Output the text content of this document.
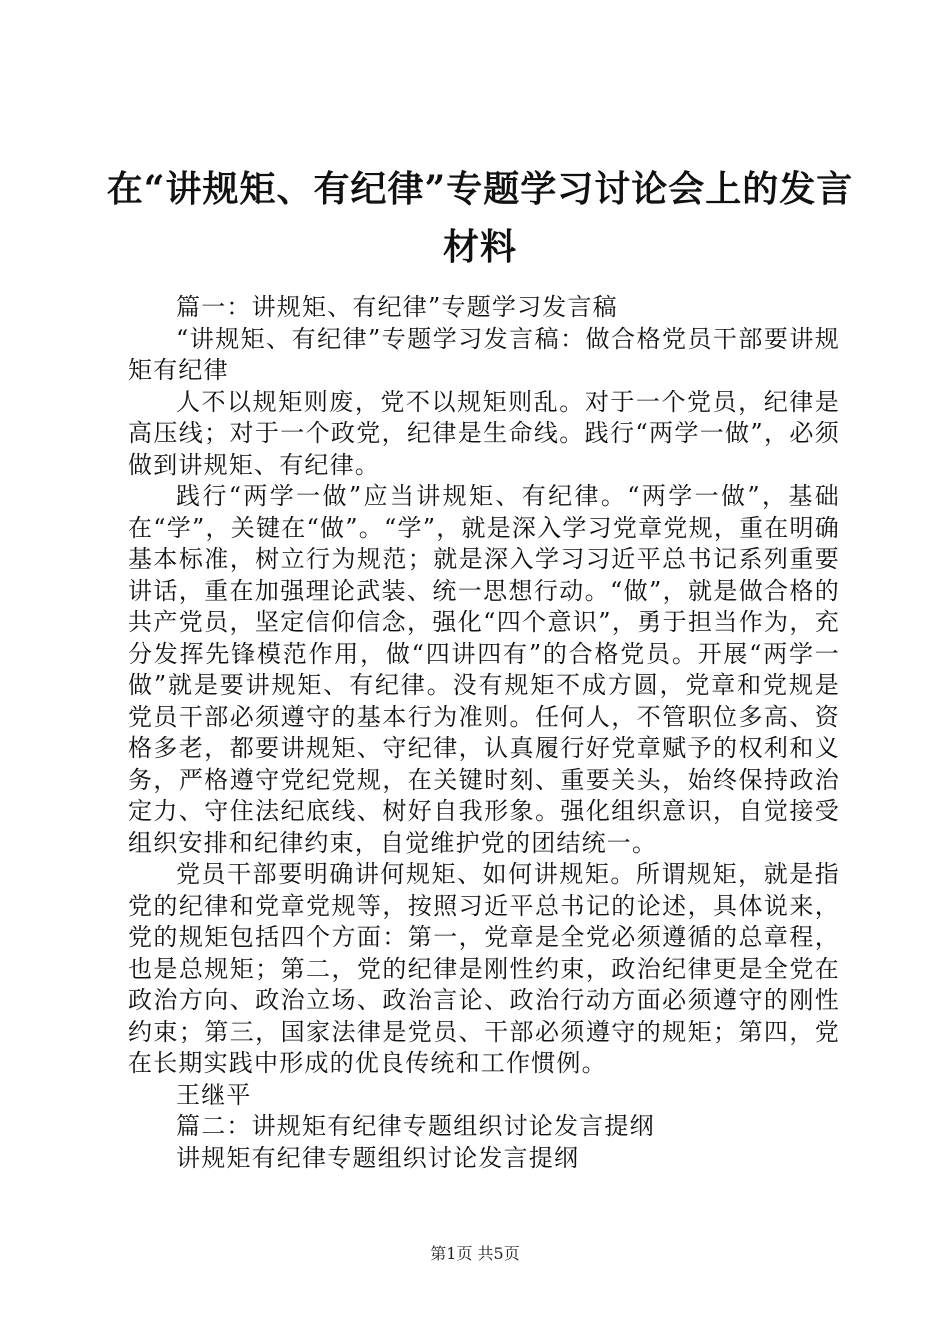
在“讲规矩、有纪律”专题学习讨论会上的发言材料

篇一：讲规矩、有纪律”专题学习发言稿

“讲规矩、有纪律”专题学习发言稿：做合格党员干部要讲规矩有纪律

人不以规矩则废，党不以规矩则乱。对于一个党员，纪律是高压线；对于一个政党，纪律是生命线。践行“两学一做”，必须做到讲规矩、有纪律。

践行“两学一做”应当讲规矩、有纪律。“两学一做”，基础在“学”，关键在“做”。“学”，就是深入学习党章党规，重在明确基本标准，树立行为规范；就是深入学习习近平总书记系列重要讲话，重在加强理论武装、统一思想行动。“做”，就是做合格的共产党员，坚定信仰信念，强化“四个意识”，勇于担当作为，充分发挥先锋模范作用，做“四讲四有”的合格党员。开展“两学一做”就是要讲规矩、有纪律。没有规矩不成方圆，党章和党规是党员干部必须遵守的基本行为准则。任何人，不管职位多高、资格多老，都要讲规矩、守纪律，认真履行好党章赋予的权利和义务，严格遵守党纪党规，在关键时刻、重要关头，始终保持政治定力、守住法纪底线、树好自我形象。强化组织意识，自觉接受组织安排和纪律约束，自觉维护党的团结统一。

党员干部要明确讲何规矩、如何讲规矩。所谓规矩，就是指党的纪律和党章党规等，按照习近平总书记的论述，具体说来，党的规矩包括四个方面：第一，党章是全党必须遵循的总章程，也是总规矩；第二，党的纪律是刚性约束，政治纪律更是全党在政治方向、政治立场、政治言论、政治行动方面必须遵守的刚性约束；第三，国家法律是党员、干部必须遵守的规矩；第四，党在长期实践中形成的优良传统和工作惯例。

王继平

篇二：讲规矩有纪律专题组织讨论发言提纲

讲规矩有纪律专题组织讨论发言提纲

第1页 共5页
